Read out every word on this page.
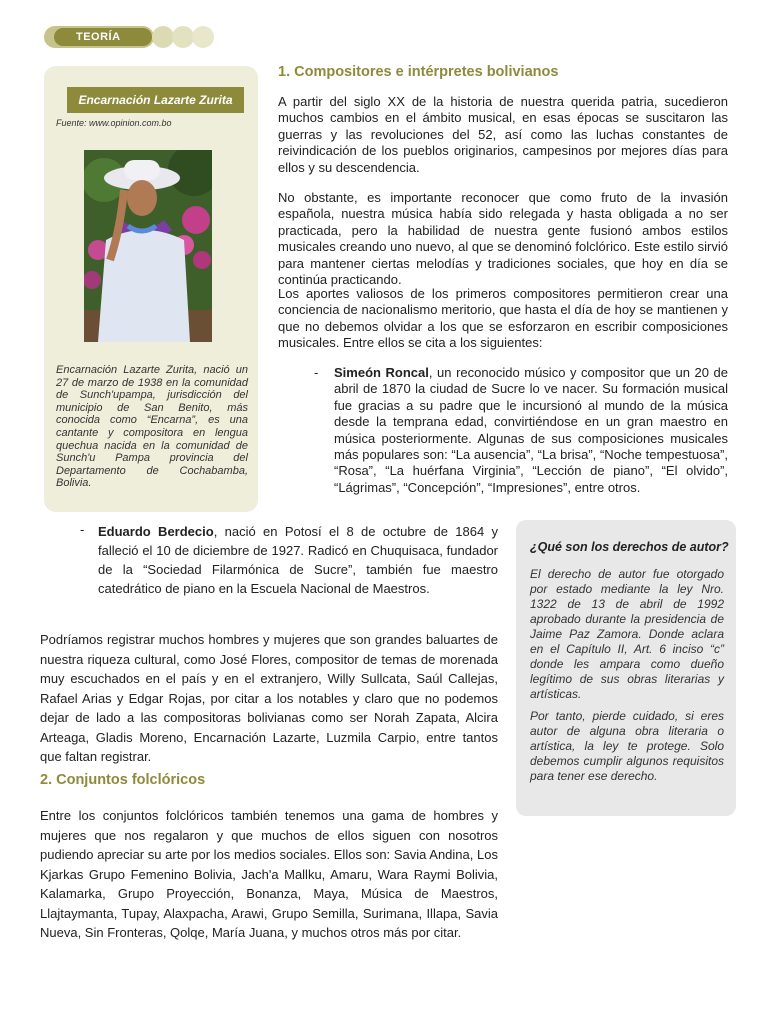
TEORÍA
Encarnación Lazarte Zurita
Fuente: www.opinion.com.bo
Encarnación Lazarte Zurita, nació un 27 de marzo de 1938 en la comunidad de Sunch'upampa, jurisdicción del municipio de San Benito, más conocida como “Encarna”, es una cantante y compositora en lengua quechua nacida en la comunidad de Sunch'u Pampa provincia del Departamento de Cochabamba, Bolivia.
1. Compositores e intérpretes bolivianos
A partir del siglo XX de la historia de nuestra querida patria, sucedieron muchos cambios en el ámbito musical, en esas épocas se suscitaron las guerras y las revoluciones del 52, así como las luchas constantes de reivindicación de los pueblos originarios, campesinos por mejores días para ellos y su descendencia.
No obstante, es importante reconocer que como fruto de la invasión española, nuestra música había sido relegada y hasta obligada a no ser practicada, pero la habilidad de nuestra gente fusionó ambos estilos musicales creando uno nuevo, al que se denominó folclórico. Este estilo sirvió para mantener ciertas melodías y tradiciones sociales, que hoy en día se continúa practicando.
Los aportes valiosos de los primeros compositores permitieron crear una conciencia de nacionalismo meritorio, que hasta el día de hoy se mantienen y que no debemos olvidar a los que se esforzaron en escribir composiciones musicales. Entre ellos se cita a los siguientes:
- Simeón Roncal, un reconocido músico y compositor que un 20 de abril de 1870 la ciudad de Sucre lo ve nacer. Su formación musical fue gracias a su padre que le incursionó al mundo de la música desde la temprana edad, convirtiéndose en un gran maestro en música posteriormente. Algunas de sus composiciones musicales más populares son: “La ausencia”, “La brisa”, “Noche tempestuosa”, “Rosa”, “La huérfana Virginia”, “Lección de piano”, “El olvido”, “Lágrimas”, “Concepción”, “Impresiones”, entre otros.
- Eduardo Berdecio, nació en Potosí el 8 de octubre de 1864 y falleció el 10 de diciembre de 1927. Radicó en Chuquisaca, fundador de la “Sociedad Filarmónica de Sucre”, también fue maestro catedrático de piano en la Escuela Nacional de Maestros.
Podríamos registrar muchos hombres y mujeres que son grandes baluartes de nuestra riqueza cultural, como José Flores, compositor de temas de morenada muy escuchados en el país y en el extranjero, Willy Sullcata, Saúl Callejas, Rafael Arias y Edgar Rojas, por citar a los notables y claro que no podemos dejar de lado a las compositoras bolivianas como ser Norah Zapata, Alcira Arteaga, Gladis Moreno, Encarnación Lazarte, Luzmila Carpio, entre tantos que faltan registrar.
¿Qué son los derechos de autor?
El derecho de autor fue otorgado por estado mediante la ley Nro. 1322 de 13 de abril de 1992 aprobado durante la presidencia de Jaime Paz Zamora. Donde aclara en el Capítulo II, Art. 6 inciso “c” donde les ampara como dueño legítimo de sus obras literarias y artísticas.
Por tanto, pierde cuidado, si eres autor de alguna obra literaria o artística, la ley te protege. Solo debemos cumplir algunos requisitos para tener ese derecho.
2. Conjuntos folclóricos
Entre los conjuntos folclóricos también tenemos una gama de hombres y mujeres que nos regalaron y que muchos de ellos siguen con nosotros pudiendo apreciar su arte por los medios sociales. Ellos son: Savia Andina, Los Kjarkas Grupo Femenino Bolivia, Jach'a Mallku, Amaru, Wara Raymi Bolivia, Kalamarka, Grupo Proyección, Bonanza, Maya, Música de Maestros, Llajtaymanta, Tupay, Alaxpacha, Arawi, Grupo Semilla, Surimana, Illapa, Savia Nueva, Sin Fronteras, Qolqe, María Juana, y muchos otros más por citar.
